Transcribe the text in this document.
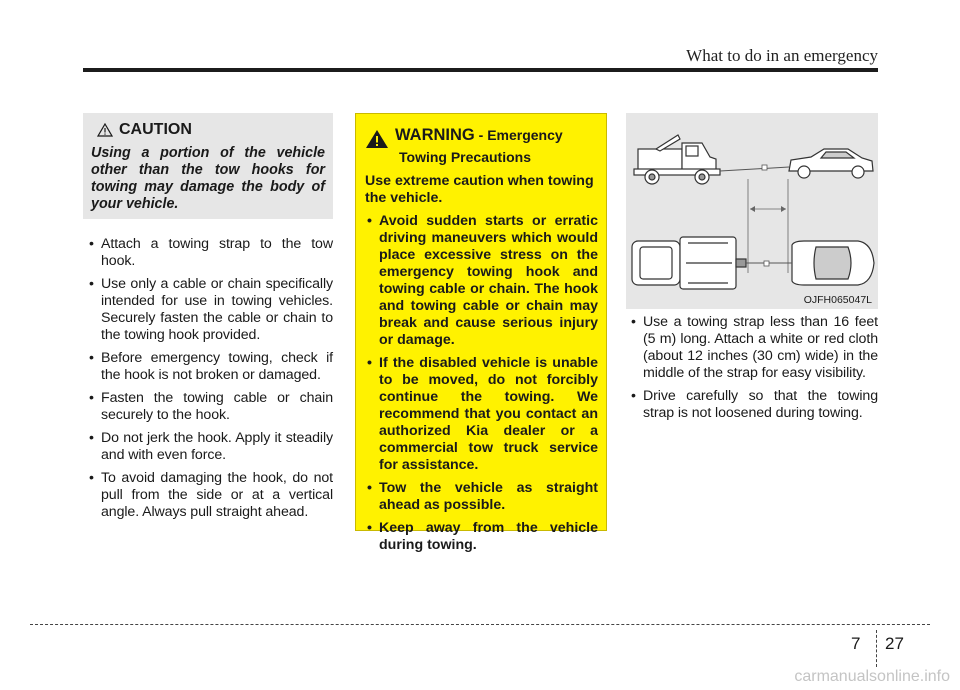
What to do in an emergency
CAUTION
Using a portion of the vehicle other than the tow hooks for towing may damage the body of your vehicle.
• Attach a towing strap to the tow hook.
• Use only a cable or chain specifically intended for use in towing vehicles. Securely fasten the cable or chain to the towing hook provided.
• Before emergency towing, check if the hook is not broken or damaged.
• Fasten the towing cable or chain securely to the hook.
• Do not jerk the hook. Apply it steadily and with even force.
• To avoid damaging the hook, do not pull from the side or at a vertical angle. Always pull straight ahead.
WARNING - Emergency
Towing Precautions
Use extreme caution when towing the vehicle.
• Avoid sudden starts or erratic driving maneuvers which would place excessive stress on the emergency towing hook and towing cable or chain. The hook and towing cable or chain may break and cause serious injury or damage.
• If the disabled vehicle is unable to be moved, do not forcibly continue the towing. We recommend that you contact an authorized Kia dealer or a commercial tow truck service for assistance.
• Tow the vehicle as straight ahead as possible.
• Keep away from the vehicle during towing.
OJFH065047L
• Use a towing strap less than 16 feet (5 m) long. Attach a white or red cloth (about 12 inches (30 cm) wide) in the middle of the strap for easy visibility.
• Drive carefully so that the towing strap is not loosened during towing.
7 27
carmanualsonline.info
